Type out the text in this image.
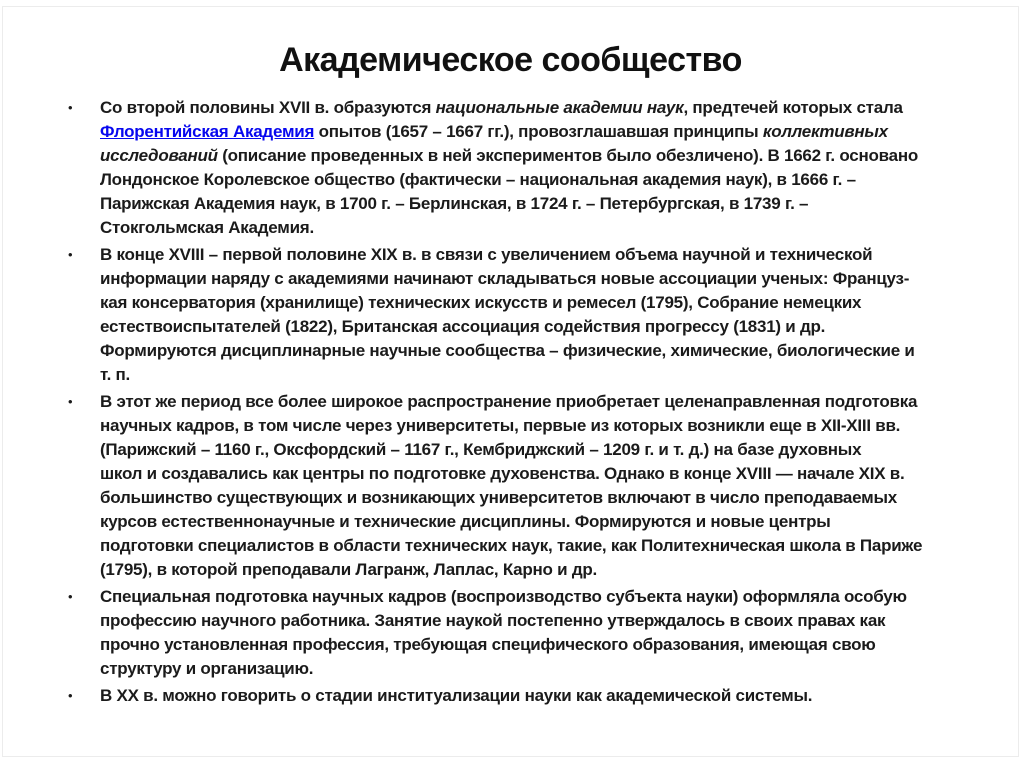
Академическое сообщество
• Со второй половины XVII в. образуются национальные академии наук, предтечей которых стала
Флорентийская Академия опытов (1657 – 1667 гг.), провозглашавшая принципы коллективных
исследований (описание проведенных в ней экспериментов было обезличено). В 1662 г. основано
Лондонское Королевское общество (фактически – национальная академия наук), в 1666 г. –
Парижская Академия наук, в 1700 г. – Берлинская, в 1724 г. – Петербургская, в 1739 г. –
Стокгольмская Академия.
• В конце XVIII – первой половине XIX в. в связи с увеличением объема научной и технической
информации наряду с академиями начинают складываться новые ассоциации ученых: Француз-
кая консерватория (хранилище) технических искусств и ремесел (1795), Собрание немецких
естествоиспытателей (1822), Британская ассоциация содействия прогрессу (1831) и др.
Формируются дисциплинарные научные сообщества – физические, химические, биологические и
т. п.
• В этот же период все более широкое распространение приобретает целенаправленная подготовка
научных кадров, в том числе через университеты, первые из которых возникли еще в XII-XIII вв.
(Парижский – 1160 г., Оксфордский – 1167 г., Кембриджский – 1209 г. и т. д.) на базе духовных
школ и создавались как центры по подготовке духовенства. Однако в конце XVIII — начале XIX в.
большинство существующих и возникающих университетов включают в число преподаваемых
курсов естественнонаучные и технические дисциплины. Формируются и новые центры
подготовки специалистов в области технических наук, такие, как Политехническая школа в Париже
(1795), в которой преподавали Лагранж, Лаплас, Карно и др.
• Специальная подготовка научных кадров (воспроизводство субъекта науки) оформляла особую
профессию научного работника. Занятие наукой постепенно утверждалось в своих правах как
прочно установленная профессия, требующая специфического образования, имеющая свою
структуру и организацию.
• В XX в. можно говорить о стадии институализации науки как академической системы.
